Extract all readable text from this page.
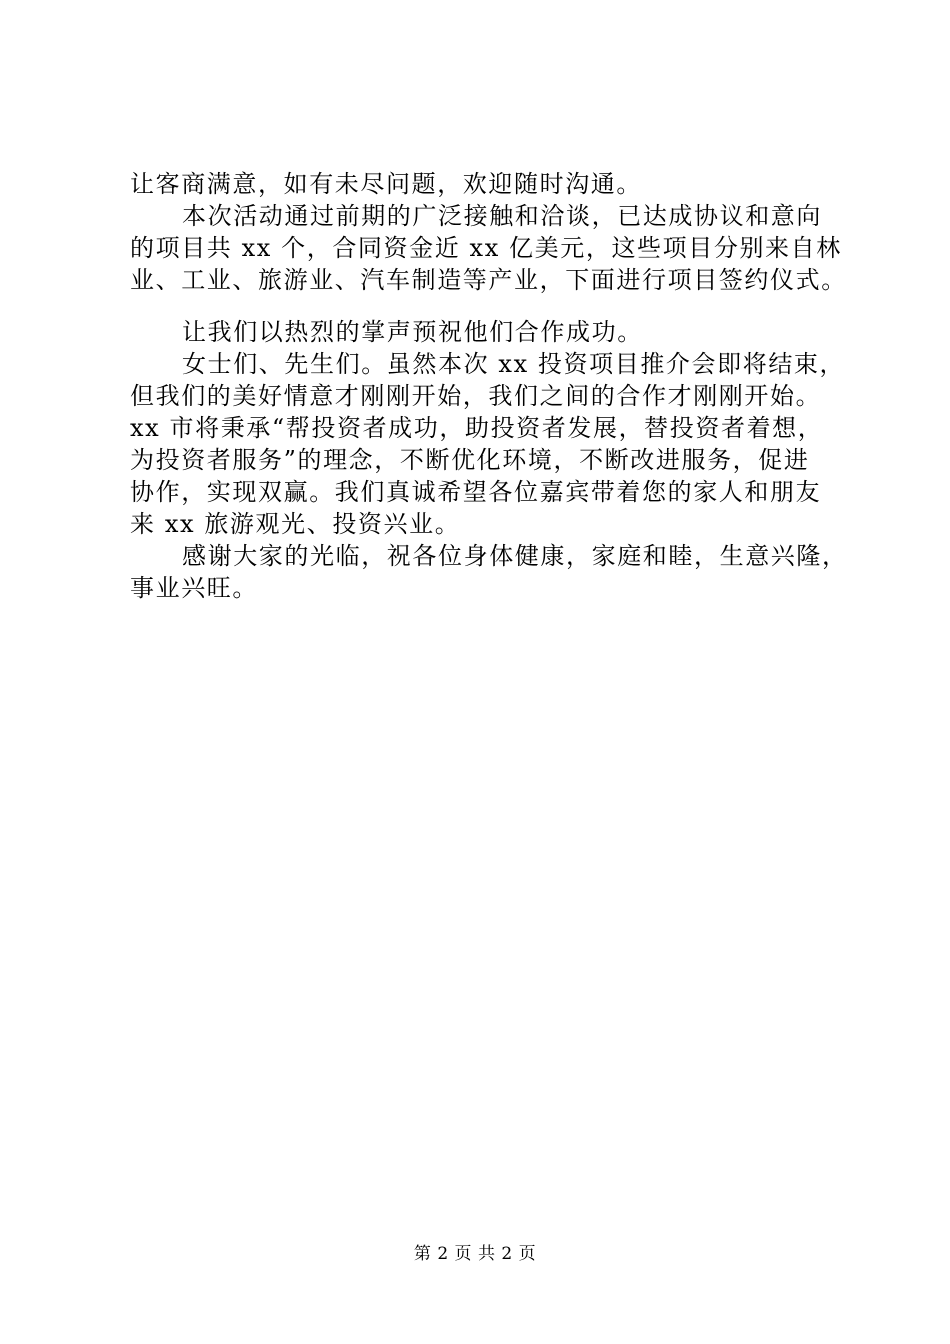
让客商满意，如有未尽问题，欢迎随时沟通。
本次活动通过前期的广泛接触和洽谈，已达成协议和意向
的项目共 xx 个，合同资金近 xx 亿美元，这些项目分别来自林
业、工业、旅游业、汽车制造等产业，下面进行项目签约仪式。
让我们以热烈的掌声预祝他们合作成功。
女士们、先生们。虽然本次 xx 投资项目推介会即将结束，
但我们的美好情意才刚刚开始，我们之间的合作才刚刚开始。
xx 市将秉承“帮投资者成功，助投资者发展，替投资者着想，
为投资者服务”的理念，不断优化环境，不断改进服务，促进
协作，实现双赢。我们真诚希望各位嘉宾带着您的家人和朋友
来 xx 旅游观光、投资兴业。
感谢大家的光临，祝各位身体健康，家庭和睦，生意兴隆，
事业兴旺。
第 2 页 共 2 页
